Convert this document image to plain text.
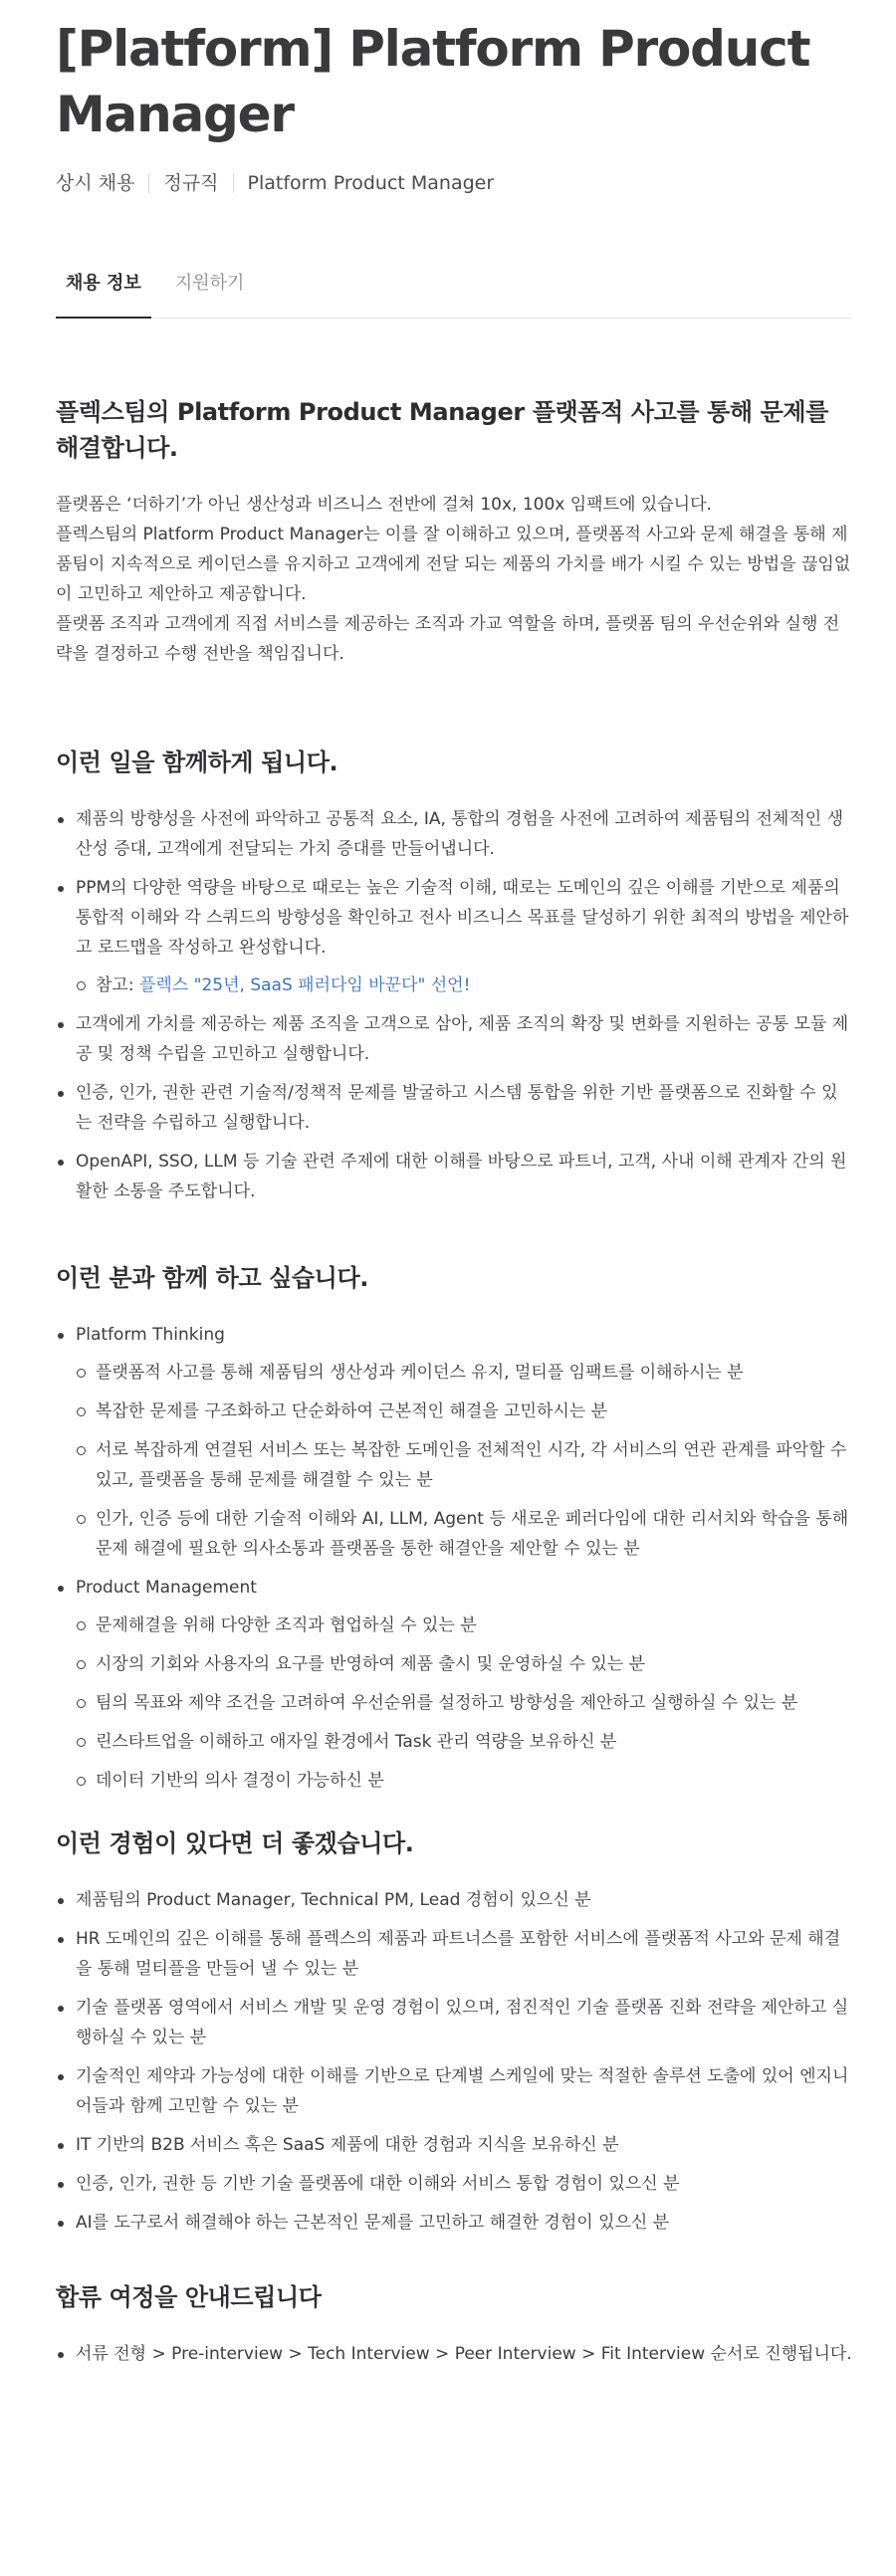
[Platform] Platform Product Manager
상시 채용	정규직	Platform Product Manager
채용 정보	지원하기
플렉스팀의 Platform Product Manager 플랫폼적 사고를 통해 문제를 해결합니다.

플랫폼은 ‘더하기’가 아닌 생산성과 비즈니스 전반에 걸쳐 10x, 100x 임팩트에 있습니다.

플렉스팀의 Platform Product Manager는 이를 잘 이해하고 있으며, 플랫폼적 사고와 문제 해결을 통해 제품팀이 지속적으로 케이던스를 유지하고 고객에게 전달 되는 제품의 가치를 배가 시킬 수 있는 방법을 끊임없이 고민하고 제안하고 제공합니다.

플랫폼 조직과 고객에게 직접 서비스를 제공하는 조직과 가교 역할을 하며, 플랫폼 팀의 우선순위와 실행 전략을 결정하고 수행 전반을 책임집니다.

이런 일을 함께하게 됩니다.
제품의 방향성을 사전에 파악하고 공통적 요소, IA, 통합의 경험을 사전에 고려하여 제품팀의 전체적인 생산성 증대, 고객에게 전달되는 가치 증대를 만들어냅니다.
PPM의 다양한 역량을 바탕으로 때로는 높은 기술적 이해, 때로는 도메인의 깊은 이해를 기반으로 제품의 통합적 이해와 각 스쿼드의 방향성을 확인하고 전사 비즈니스 목표를 달성하기 위한 최적의 방법을 제안하고 로드맵을 작성하고 완성합니다.
참고: 플렉스 "25년, SaaS 패러다임 바꾼다" 선언!
고객에게 가치를 제공하는 제품 조직을 고객으로 삼아, 제품 조직의 확장 및 변화를 지원하는 공통 모듈 제공 및 정책 수립을 고민하고 실행합니다.
인증, 인가, 권한 관련 기술적/정책적 문제를 발굴하고 시스템 통합을 위한 기반 플랫폼으로 진화할 수 있는 전략을 수립하고 실행합니다.
OpenAPI, SSO, LLM 등 기술 관련 주제에 대한 이해를 바탕으로 파트너, 고객, 사내 이해 관계자 간의 원활한 소통을 주도합니다.
이런 분과 함께 하고 싶습니다.
Platform Thinking
플랫폼적 사고를 통해 제품팀의 생산성과 케이던스 유지, 멀티플 임팩트를 이해하시는 분
복잡한 문제를 구조화하고 단순화하여 근본적인 해결을 고민하시는 분
서로 복잡하게 연결된 서비스 또는 복잡한 도메인을 전체적인 시각, 각 서비스의 연관 관계를 파악할 수 있고, 플랫폼을 통해 문제를 해결할 수 있는 분
인가, 인증 등에 대한 기술적 이해와 AI, LLM, Agent 등 새로운 페러다임에 대한 리서치와 학습을 통해 문제 해결에 필요한 의사소통과 플랫폼을 통한 해결안을 제안할 수 있는 분
Product Management
문제해결을 위해 다양한 조직과 협업하실 수 있는 분
시장의 기회와 사용자의 요구를 반영하여 제품 출시 및 운영하실 수 있는 분
팀의 목표와 제약 조건을 고려하여 우선순위를 설정하고 방향성을 제안하고 실행하실 수 있는 분
린스타트업을 이해하고 애자일 환경에서 Task 관리 역량을 보유하신 분
데이터 기반의 의사 결정이 가능하신 분
이런 경험이 있다면 더 좋겠습니다.
제품팀의 Product Manager, Technical PM, Lead 경험이 있으신 분
HR 도메인의 깊은 이해를 통해 플렉스의 제품과 파트너스를 포함한 서비스에 플랫폼적 사고와 문제 해결을 통해 멀티플을 만들어 낼 수 있는 분
기술 플랫폼 영역에서 서비스 개발 및 운영 경험이 있으며, 점진적인 기술 플랫폼 진화 전략을 제안하고 실행하실 수 있는 분
기술적인 제약과 가능성에 대한 이해를 기반으로 단계별 스케일에 맞는 적절한 솔루션 도출에 있어 엔지니어들과 함께 고민할 수 있는 분
IT 기반의 B2B 서비스 혹은 SaaS 제품에 대한 경험과 지식을 보유하신 분
인증, 인가, 권한 등 기반 기술 플랫폼에 대한 이해와 서비스 통합 경험이 있으신 분
AI를 도구로서 해결해야 하는 근본적인 문제를 고민하고 해결한 경험이 있으신 분
합류 여정을 안내드립니다
서류 전형 > Pre-interview > Tech Interview > Peer Interview > Fit Interview 순서로 진행됩니다.
